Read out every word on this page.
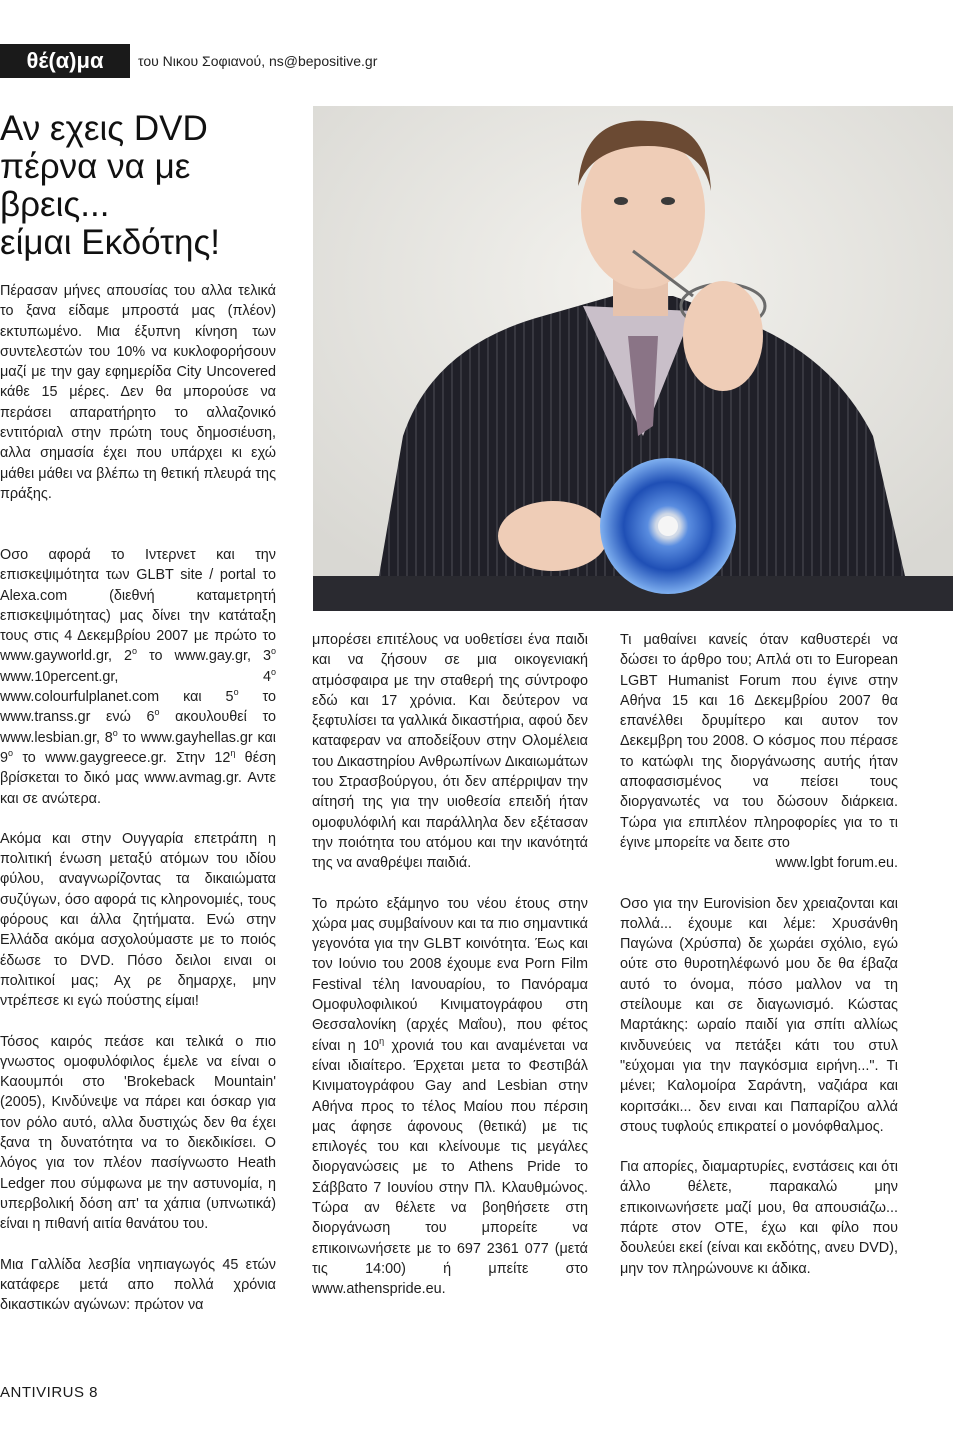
θέ(α)μα	του Νικου Σοφιανού, ns@bepositive.gr
Αν εχεις DVD
πέρνα να με
βρεις...
είμαι Εκδότης!

Πέρασαν μήνες απουσίας του αλλα τελικά το ξανα είδαμε μπροστά μας (πλέον) εκτυπωμένο. Μια έξυπνη κίνηση των συντελεστών του 10% να κυκλοφορήσουν μαζί με την gay εφημερίδα City Uncovered κάθε 15 μέρες. Δεν θα μπορούσε να περάσει απαρατήρητο το αλλαζονικό εντιτόριαλ στην πρώτη τους δημοσιέυση, αλλα σημασία έχει που υπάρχει κι εχώ μάθει μάθει να βλέπω τη θετική πλευρά της πράξης.

Οσο αφορά το Ιντερνετ και την επισκεψιμότητα των GLBT site / portal το Alexa.com (διεθνή καταμετρητή επισκεψιμότητας) μας δίνει την κατάταξη τους στις 4 Δεκεμβρίου 2007 με πρώτο το www.gayworld.gr, $2^o$ το www.gay.gr, $3^o$ www.10percent.gr, $4^o$ www.colourfulplanet.com και $5^o$ το www.transs.gr ενώ $6^o$ ακουλουθεί το www.lesbian.gr, $8^o$ το www.gayhellas.gr και $9^o$ το www.gaygreece.gr. Στην $12^\eta$ θέση βρίσκεται το δικό μας www.avmag.gr. Αντε και σε ανώτερα.

Ακόμα και στην Ουγγαρία επετράπη η πολιτική ένωση μεταξύ ατόμων του ιδίου φύλου, αναγνωρίζοντας τα δικαιώματα συζύγων, όσο αφορά τις κληρονομιές, τους φόρους και άλλα ζητήματα. Ενώ στην Ελλάδα ακόμα ασχολούμαστε με το ποιός έδωσε το DVD. Πόσο δειλοι ειναι οι πολιτικοί μας; Αχ ρε δημαρχε, μην ντρέπεσε κι εγώ πούστης είμαι!

Τόσος καιρός πεάσε και τελικά ο πιο γνωστος ομοφυλόφιλος έμελε να είναι ο Καουμπόι στο 'Brokeback Mountain' (2005), Κινδύνεψε να πάρει και όσκαρ για τον ρόλο αυτό, αλλα δυστιχώς δεν θα έχει ξανα τη δυνατότητα να το διεκδικίσει. Ο λόγος για τον πλέον πασίγνωστο Heath Ledger που σύμφωνα με την αστυνομία, η υπερβολική δόση απ' τα χάπια (υπνωτικά) είναι η πιθανή αιτία θανάτου του.

Μια Γαλλίδα λεσβία νηπιαγωγός 45 ετών κατάφερε μετά απο πολλά χρόνια δικαστικών αγώνων: πρώτον να

μπορέσει επιτέλους να υοθετίσει ένα παιδι και να ζήσουν σε μια οικογενιακή ατμόσφαιρα με την σταθερή της σύντροφο εδώ και 17 χρόνια. Και δεύτερον να ξεφτυλίσει τα γαλλικά δικαστήρια, αφού δεν καταφεραν να αποδείξουν στην Ολομέλεια του Δικαστηρίου Ανθρωπίνων Δικαιωμάτων του Στρασβούργου, ότι δεν απέρριψαν την αίτησή της για την υιοθεσία επειδή ήταν ομοφυλόφιλή και παράλληλα δεν εξέτασαν την ποιότητα του ατόμου και την ικανότητά της να αναθρέψει παιδιά.

Το πρώτο εξάμηνο του νέου έτους στην χώρα μας συμβαίνουν και τα πιο σημαντικά γεγονότα για την GLBT κοινότητα. Έως και τον Ιούνιο του 2008 έχουμε ενα Porn Film Festival τέλη Ιανουαρίου, το Πανόραμα Ομοφυλοφιλικού Κινιματογράφου στη Θεσσαλονίκη (αρχές Μαΐου), που φέτος είναι η $10^\eta$ χρονιά του και αναμένεται να είναι ιδιαίτερο. Έρχεται μετα το Φεστιβάλ Κινιματογράφου Gay and Lesbian στην Αθήνα προς το τέλος Μαίου που πέρσιη μας άφησε άφονους (θετικά) με τις επιλογές του και κλείνουμε τις μεγάλες διοργανώσεις με το Athens Pride το Σάββατο 7 Ιουνίου στην Πλ. Κλαυθμώνος. Τώρα αν θέλετε να βοηθήσετε στη διοργάνωση του μπορείτε να επικοινωνήσετε με το 697 2361 077 (μετά τις 14:00) ή μπείτε στο www.athenspride.eu.

Τι μαθαίνει κανείς όταν καθυστερέι να δώσει το άρθρο του; Απλά οτι το European LGBT Humanist Forum που έγινε στην Αθήνα 15 και 16 Δεκεμβρίου 2007 θα επανέλθει δρυμίτερο και αυτον τον Δεκεμβρη του 2008. Ο κόσμος που πέρασε το κατώφλι της διοργάνωσης αυτής ήταν αποφασισμένος να πείσει τους διοργανωτές να του δώσουν διάρκεια. Τώρα για επιπλέον πληροφορίες για το τι έγινε μπορείτε να δειτε στο
www.lgbt forum.eu.

Οσο για την Eurovision δεν χρειαζονται και πολλά... έχουμε και λέμε: Χρυσάνθη Παγώνα (Χρύσπα) δε χωράει σχόλιο, εγώ ούτε στο θυροτηλέφωνό μου δε θα έβαζα αυτό το όνομα, πόσο μαλλον να τη στείλουμε και σε διαγωνισμό. Κώστας Μαρτάκης: ωραίο παιδί για σπίτι αλλίως κινδυνεύεις να πετάξει κάτι του στυλ "εύχομαι για την παγκόσμια ειρήνη...". Τι μένει; Καλομοίρα Σαράντη, ναζιάρα και κοριτσάκι... δεν ειναι και Παπαρίζου αλλά στους τυφλούς επικρατεί ο μονόφθαλμος.

Για απορίες, διαμαρτυρίες, ενστάσεις και ότι άλλο θέλετε, παρακαλώ μην επικοινωνήσετε μαζί μου, θα απουσιάζω... πάρτε στον ΟΤΕ, έχω και φίλο που δουλεύει εκεί (είναι και εκδότης, ανευ DVD), μην τον πληρώνουνε κι άδικα.

ANTIVIRUS 8
